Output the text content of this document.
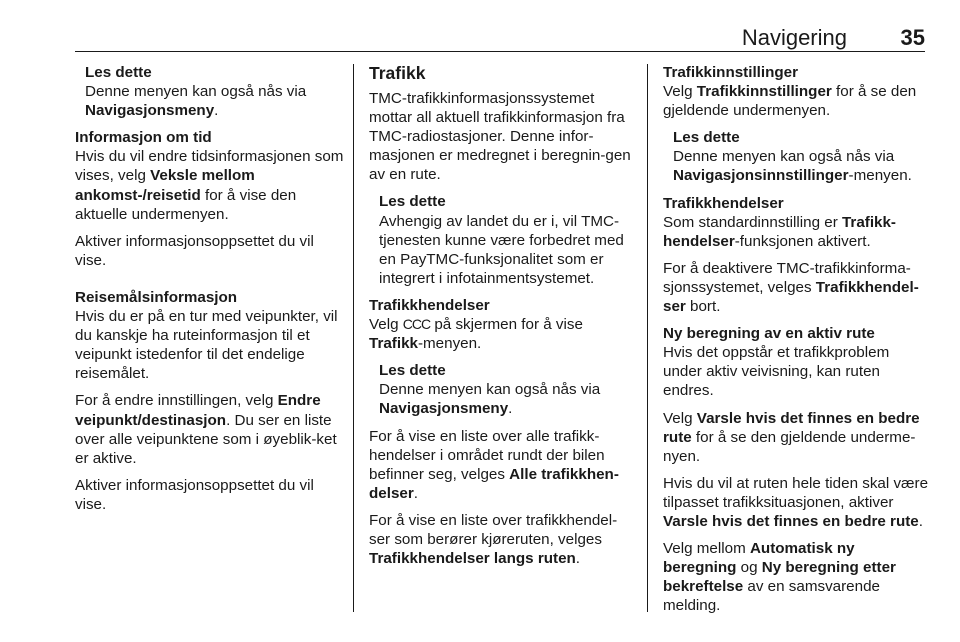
Navigering 35
Les dette
Denne menyen kan også nås via
Navigasjonsmeny.
Informasjon om tid

Hvis du vil endre tidsinformasjonen som vises, velg Veksle mellom ankomst-/reisetid for å vise den aktuelle undermenyen.

Aktiver informasjonsoppsettet du vil vise.

Reisemålsinformasjon

Hvis du er på en tur med veipunkter, vil du kanskje ha ruteinformasjon til et veipunkt istedenfor til det endelige reisemålet.

For å endre innstillingen, velg Endre veipunkt/destinasjon. Du ser en liste over alle veipunktene som i øyeblik‐ket er aktive.

Aktiver informasjonsoppsettet du vil vise.

Trafikk

TMC-trafikkinformasjonssystemet mottar all aktuell trafikkinformasjon fra TMC-radiostasjoner. Denne infor‐masjonen er medregnet i beregnin‐gen av en rute.

Les dette
Avhengig av landet du er i, vil TMC-tjenesten kunne være forbedret med en PayTMC-funksjonalitet som er integrert i infotainmentsystemet.
Trafikkhendelser

Velg CCC på skjermen for å vise Trafikk-menyen.

Les dette
Denne menyen kan også nås via
Navigasjonsmeny.

For å vise en liste over alle trafikk‐hendelser i området rundt der bilen befinner seg, velges Alle trafikkhen‐delser.

For å vise en liste over trafikkhendel‐ser som berører kjøreruten, velges Trafikkhendelser langs ruten.

Trafikkinnstillinger

Velg Trafikkinnstillinger for å se den gjeldende undermenyen.

Les dette
Denne menyen kan også nås via
Navigasjonsinnstillinger-menyen.
Trafikkhendelser

Som standardinnstilling er Trafikk‐hendelser-funksjonen aktivert.

For å deaktivere TMC-trafikkinforma‐sjonssystemet, velges Trafikkhendel‐ser bort.

Ny beregning av en aktiv rute

Hvis det oppstår et trafikkproblem under aktiv veivisning, kan ruten endres.

Velg Varsle hvis det finnes en bedre rute for å se den gjeldende underme‐nyen.

Hvis du vil at ruten hele tiden skal være tilpasset trafikksituasjonen, aktiver Varsle hvis det finnes en bedre rute.

Velg mellom Automatisk ny beregning og Ny beregning etter bekreftelse av en samsvarende melding.
